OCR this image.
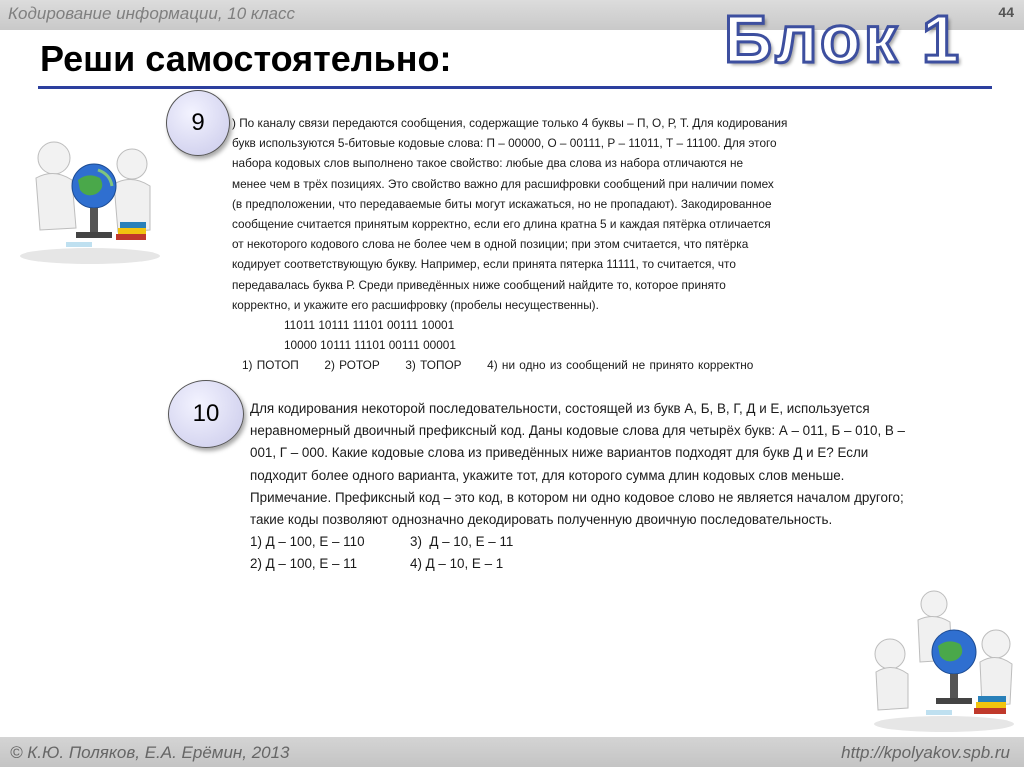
Кодирование информации, 10 класс	44
Блок 1
Реши самостоятельно:
9	) По каналу связи передаются сообщения, содержащие только 4 буквы – П, О, Р, Т. Для кодирования

букв используются 5-битовые кодовые слова: П – 00000, О – 00111, Р – 11011, Т – 11100. Для этого

набора кодовых слов выполнено такое свойство: любые два слова из набора отличаются не

менее чем в трёх позициях. Это свойство важно для расшифровки сообщений при наличии помех

(в предположении, что передаваемые биты могут искажаться, но не пропадают). Закодированное

сообщение считается принятым корректно, если его длина кратна 5 и каждая пятёрка отличается

от некоторого кодового слова не более чем в одной позиции; при этом считается, что пятёрка

кодирует соответствующую букву. Например, если принята пятерка 11111, то считается, что

передавалась буква Р. Среди приведённых ниже сообщений найдите то, которое принято

корректно, и укажите его расшифровку (пробелы несущественны).

11011 10111 11101 00111 10001

10000 10111 11101 00111 00001

1) ПОТОП      2) РОТОР      3) ТОПОР      4) ни одно из сообщений не принято корректно

10	Для кодирования некоторой последовательности, состоящей из букв А, Б, В, Г, Д и Е, используется неравномерный двоичный префиксный код. Даны кодовые слова для четырёх букв: А – 011, Б – 010, В – 001, Г – 000. Какие кодовые слова из приведённых ниже вариантов подходят для букв Д и Е? Если подходит более одного варианта, укажите тот, для которого сумма длин кодовых слов меньше.

Примечание. Префиксный код – это код, в котором ни одно кодовое слово не является началом другого; такие коды позволяют однозначно декодировать полученную двоичную последовательность.

1) Д – 100, Е – 110	3)  Д – 10, Е – 11
2) Д – 100, Е – 11	4) Д – 10, Е – 1
© К.Ю. Поляков, Е.А. Ерёмин, 2013	http://kpolyakov.spb.ru
